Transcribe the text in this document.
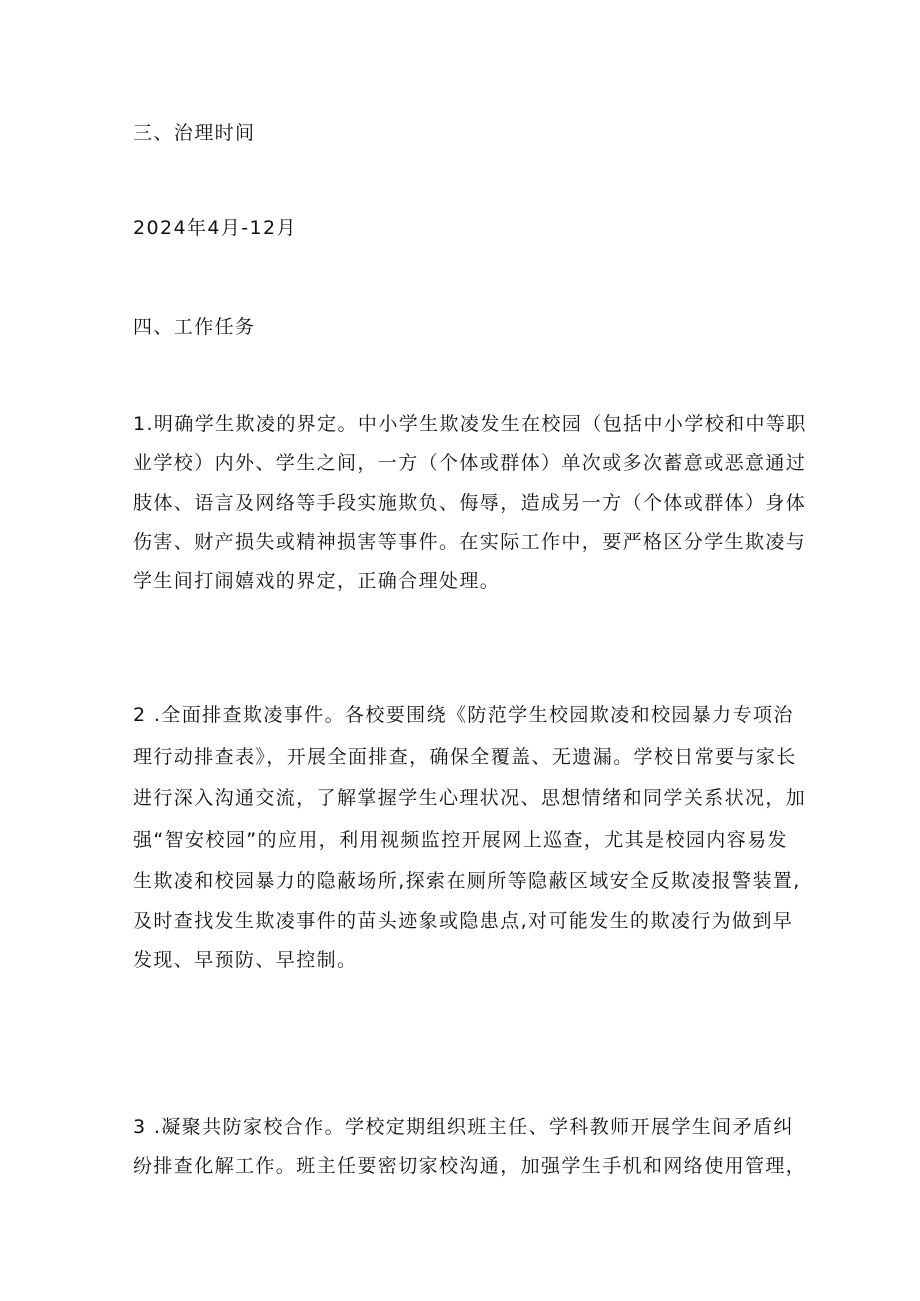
三、治理时间
2024年4月-12月
四、工作任务
1.明确学生欺凌的界定。中小学生欺凌发生在校园（包括中小学校和中等职
业学校）内外、学生之间，一方（个体或群体）单次或多次蓄意或恶意通过
肢体、语言及网络等手段实施欺负、侮辱，造成另一方（个体或群体）身体
伤害、财产损失或精神损害等事件。在实际工作中，要严格区分学生欺凌与
学生间打闹嬉戏的界定，正确合理处理。
2 .全面排查欺凌事件。各校要围绕《防范学生校园欺凌和校园暴力专项治
理行动排查表》，开展全面排查，确保全覆盖、无遗漏。学校日常要与家长
进行深入沟通交流，了解掌握学生心理状况、思想情绪和同学关系状况，加
强“智安校园”的应用，利用视频监控开展网上巡查，尤其是校园内容易发
生欺凌和校园暴力的隐蔽场所,探索在厕所等隐蔽区域安全反欺凌报警装置,
及时查找发生欺凌事件的苗头迹象或隐患点,对可能发生的欺凌行为做到早
发现、早预防、早控制。
3 .凝聚共防家校合作。学校定期组织班主任、学科教师开展学生间矛盾纠
纷排查化解工作。班主任要密切家校沟通，加强学生手机和网络使用管理，
